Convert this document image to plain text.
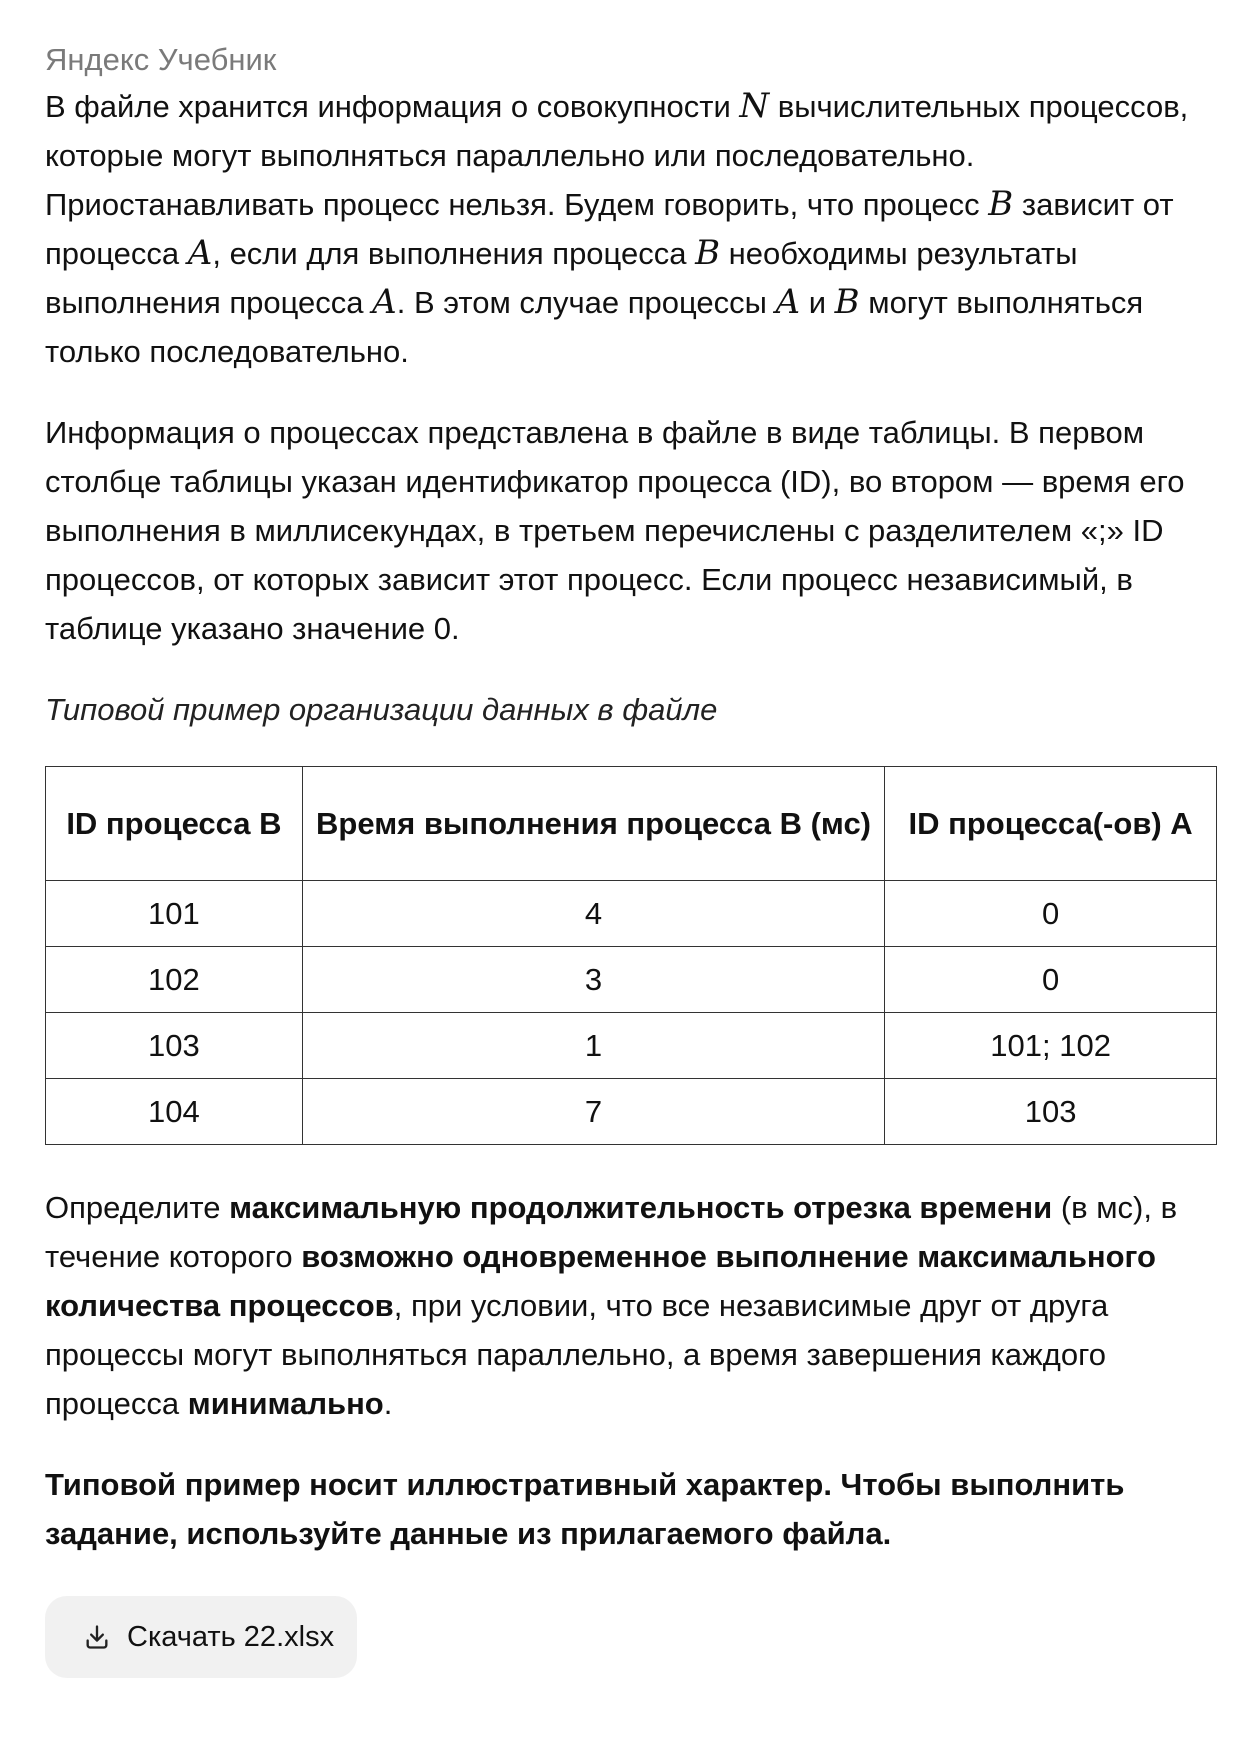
Яндекс Учебник

В файле хранится информация о совокупности N вычислительных процессов, которые могут выполняться параллельно или последовательно. Приостанавливать процесс нельзя. Будем говорить, что процесс B зависит от процесса A, если для выполнения процесса B необходимы результаты выполнения процесса A. В этом случае процессы A и B могут выполняться только последовательно.

Информация о процессах представлена в файле в виде таблицы. В первом столбце таблицы указан идентификатор процесса (ID), во втором — время его выполнения в миллисекундах, в третьем перечислены с разделителем «;» ID процессов, от которых зависит этот процесс. Если процесс независимый, в таблице указано значение 0.

Типовой пример организации данных в файле

ID процесса B	Время выполнения процесса B (мс)	ID процесса(-ов) A
101	4	0
102	3	0
103	1	101; 102
104	7	103

Определите максимальную продолжительность отрезка времени (в мс), в течение которого возможно одновременное выполнение максимального количества процессов, при условии, что все независимые друг от друга процессы могут выполняться параллельно, а время завершения каждого процесса минимально.

Типовой пример носит иллюстративный характер. Чтобы выполнить задание, используйте данные из прилагаемого файла.

Скачать 22.xlsx
